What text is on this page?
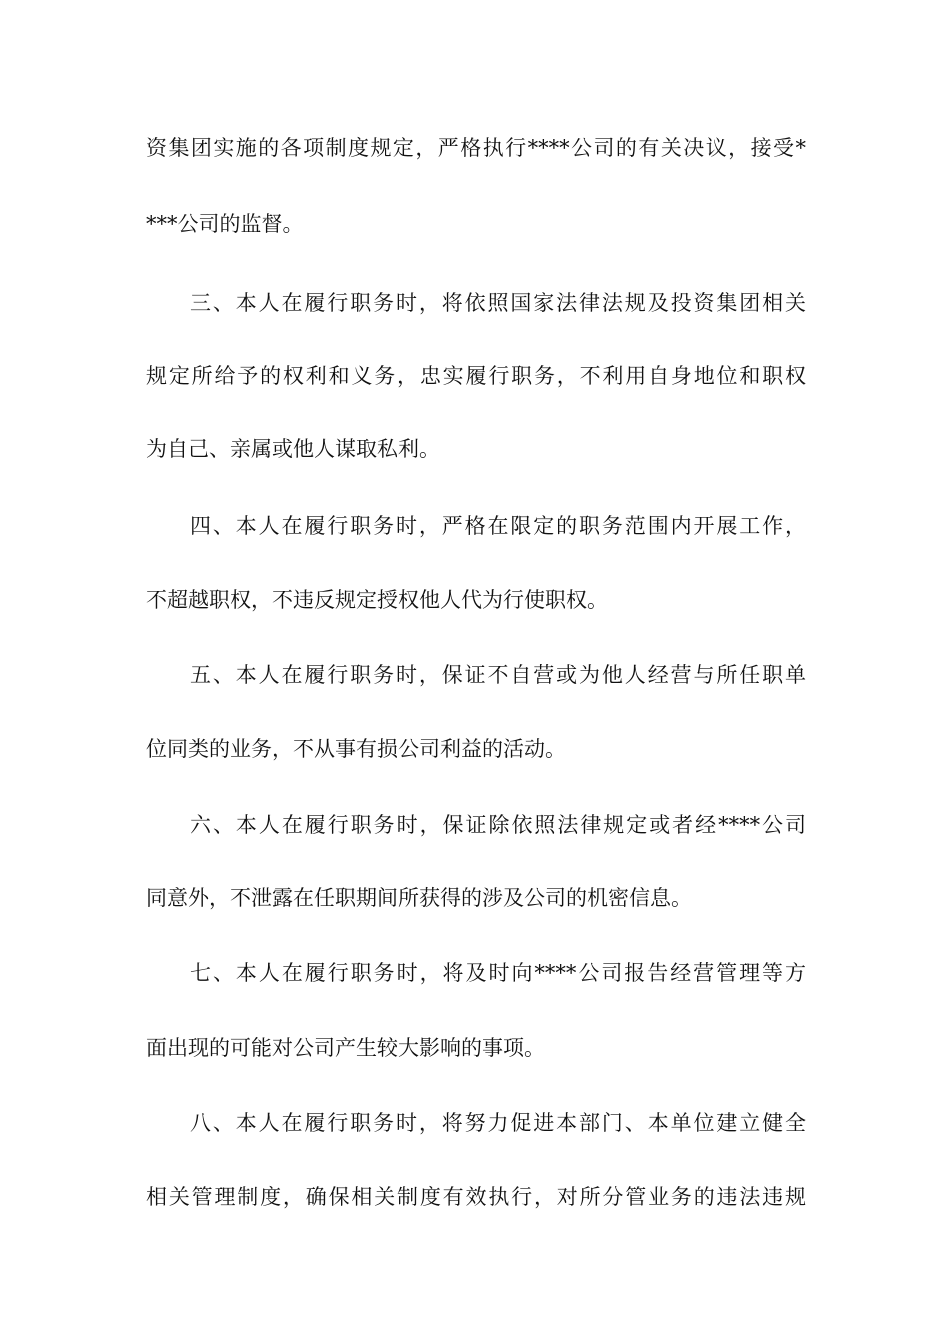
资集团实施的各项制度规定，严格执行****公司的有关决议，接受*
***公司的监督。
三、本人在履行职务时，将依照国家法律法规及投资集团相关
规定所给予的权利和义务，忠实履行职务，不利用自身地位和职权
为自己、亲属或他人谋取私利。
四、本人在履行职务时，严格在限定的职务范围内开展工作，
不超越职权，不违反规定授权他人代为行使职权。
五、本人在履行职务时，保证不自营或为他人经营与所任职单
位同类的业务，不从事有损公司利益的活动。
六、本人在履行职务时，保证除依照法律规定或者经****公司
同意外，不泄露在任职期间所获得的涉及公司的机密信息。
七、本人在履行职务时，将及时向****公司报告经营管理等方
面出现的可能对公司产生较大影响的事项。
八、本人在履行职务时，将努力促进本部门、本单位建立健全
相关管理制度，确保相关制度有效执行，对所分管业务的违法违规
